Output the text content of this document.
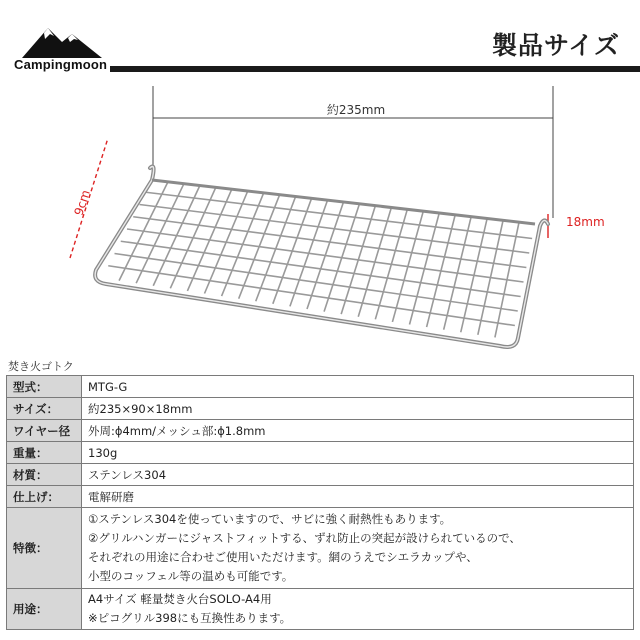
Campingmoon
製品サイズ
約235mm
9cm
18mm
焚き火ゴトク
型式：	MTG-G
サイズ：	約235×90×18mm
ワイヤー径	外周:ϕ4mm/メッシュ部:ϕ1.8mm
重量：	130g
材質：	ステンレス304
仕上げ：	電解研磨
特徴：	①ステンレス304を使っていますので、サビに強く耐熱性もあります。
②グリルハンガーにジャストフィットする、ずれ防止の突起が設けられているので、
それぞれの用途に合わせご使用いただけます。網のうえでシエラカップや、
小型のコッフェル等の温めも可能です。

用途：	A4サイズ 軽量焚き火台SOLO-A4用
※ピコグリル398にも互換性あります。
